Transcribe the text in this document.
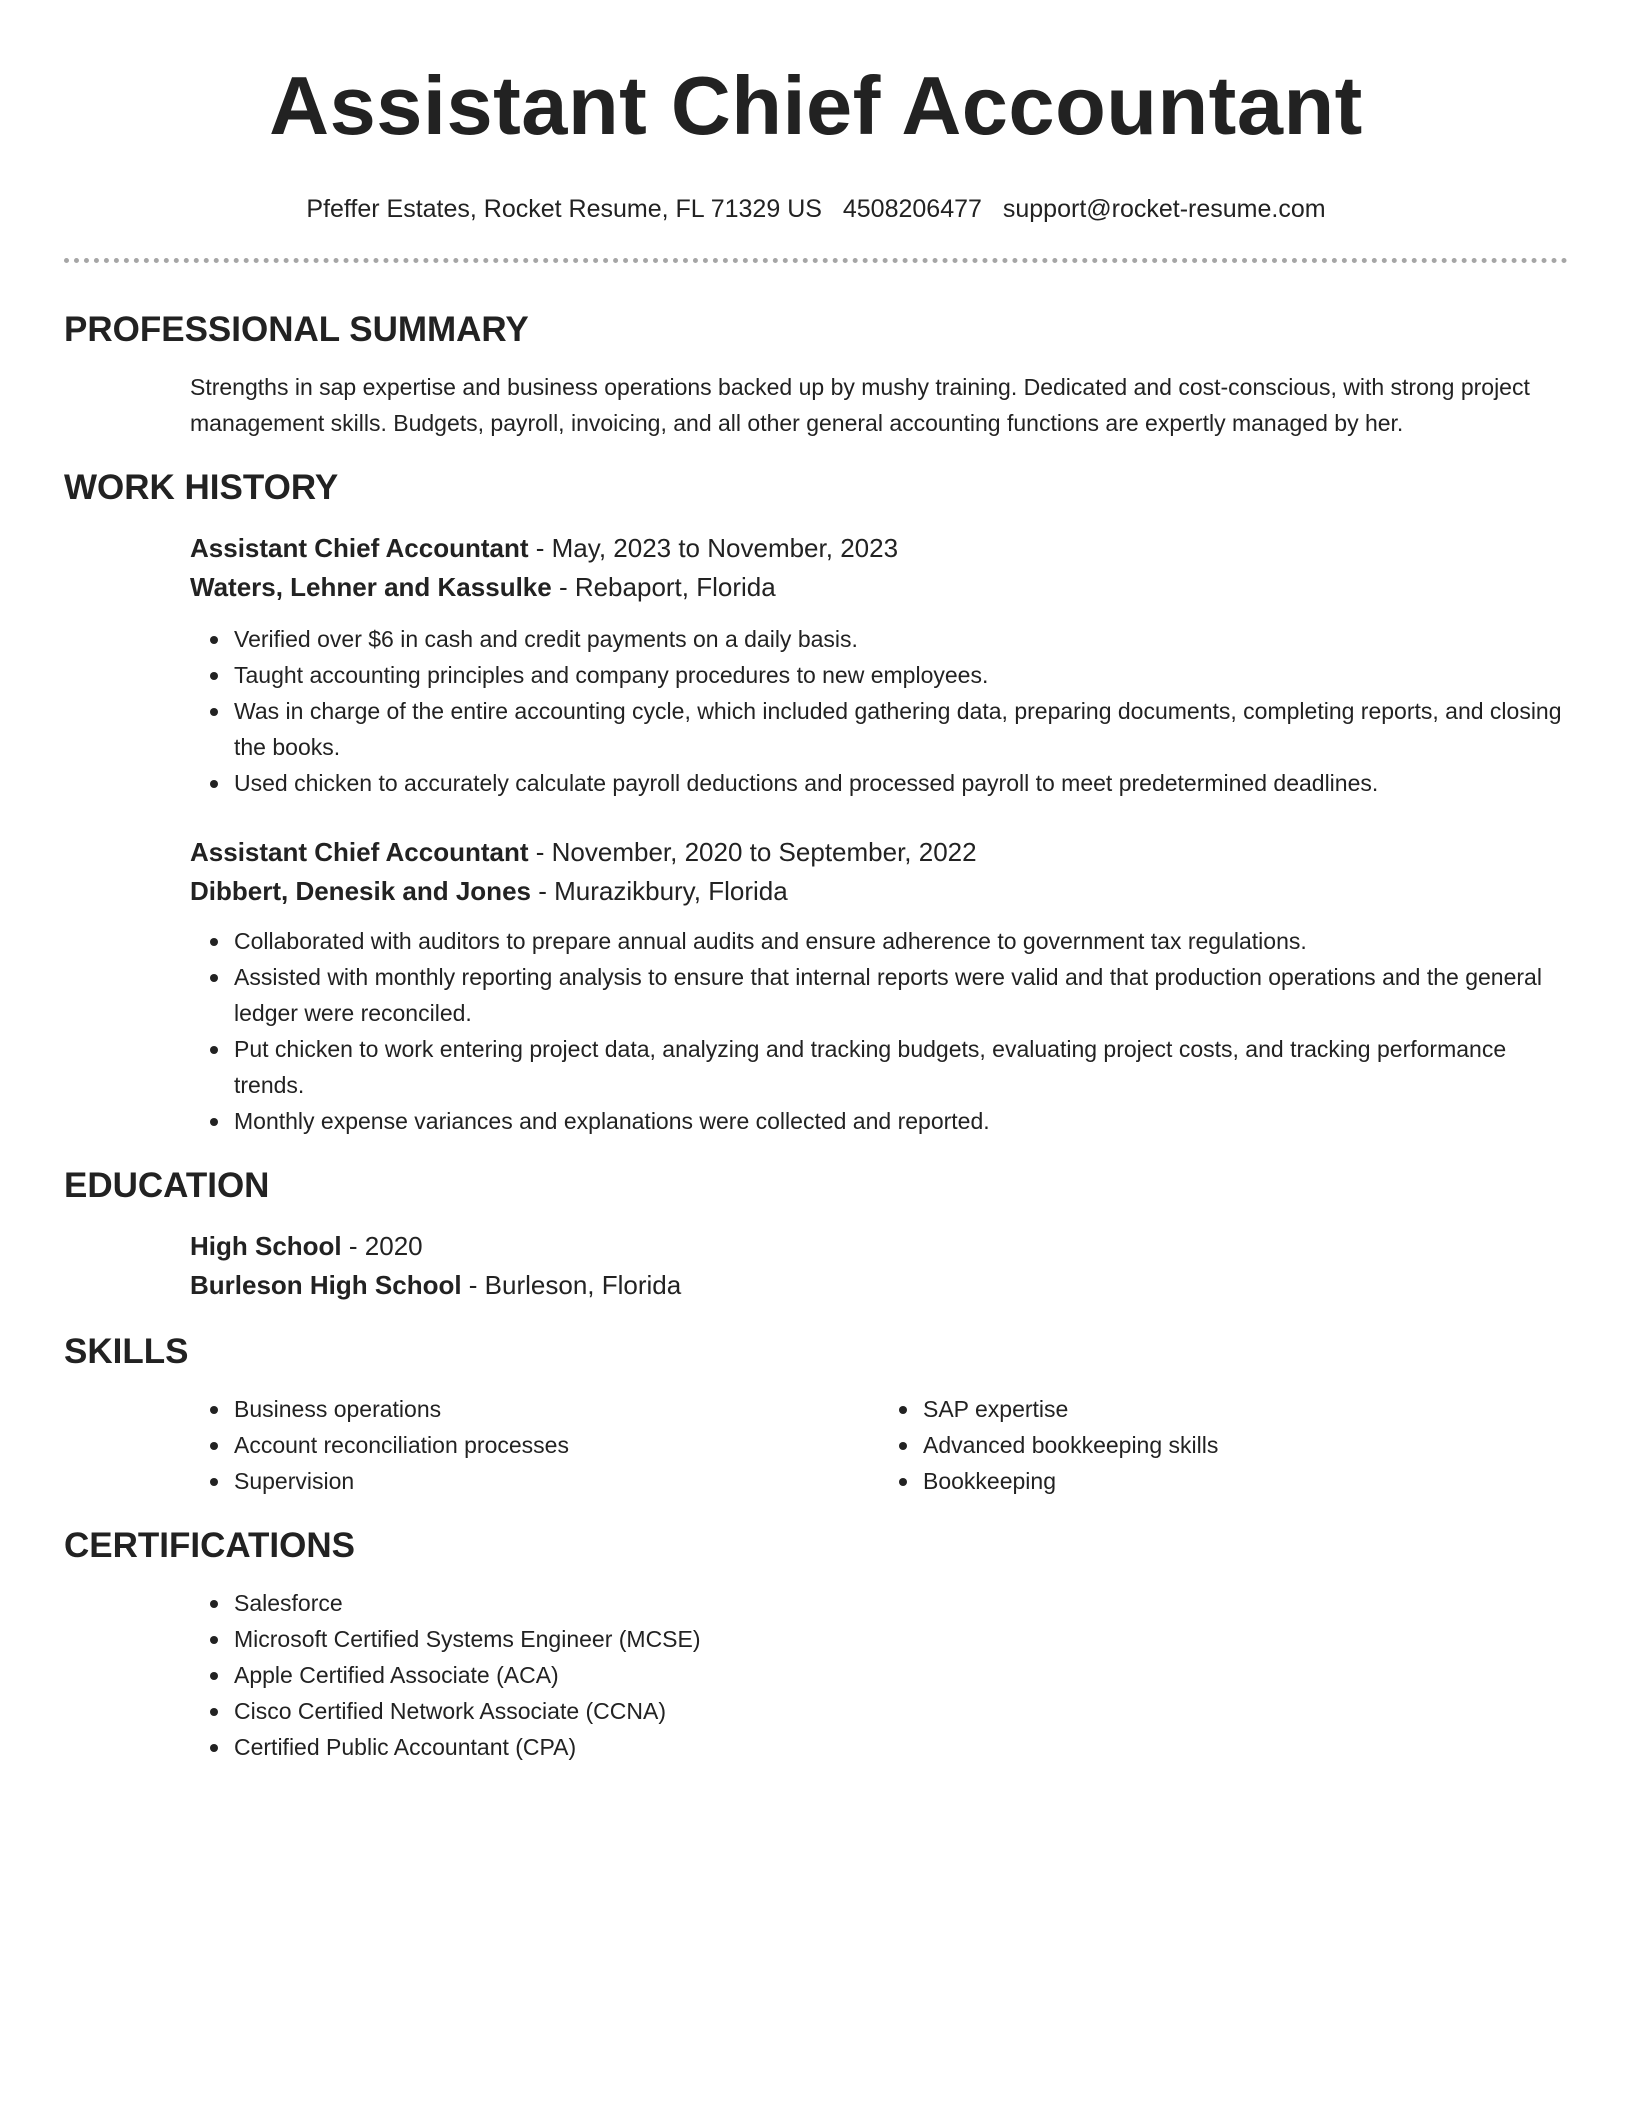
Assistant Chief Accountant
Pfeffer Estates, Rocket Resume, FL 71329 US 4508206477 support@rocket-resume.com
PROFESSIONAL SUMMARY

Strengths in sap expertise and business operations backed up by mushy training. Dedicated and cost-conscious, with strong project management skills. Budgets, payroll, invoicing, and all other general accounting functions are expertly managed by her.

WORK HISTORY

Assistant Chief Accountant - May, 2023 to November, 2023

Waters, Lehner and Kassulke - Rebaport, Florida

Verified over $6 in cash and credit payments on a daily basis.
Taught accounting principles and company procedures to new employees.
Was in charge of the entire accounting cycle, which included gathering data, preparing documents, completing reports, and closing the books.
Used chicken to accurately calculate payroll deductions and processed payroll to meet predetermined deadlines.

Assistant Chief Accountant - November, 2020 to September, 2022

Dibbert, Denesik and Jones - Murazikbury, Florida

Collaborated with auditors to prepare annual audits and ensure adherence to government tax regulations.
Assisted with monthly reporting analysis to ensure that internal reports were valid and that production operations and the general ledger were reconciled.
Put chicken to work entering project data, analyzing and tracking budgets, evaluating project costs, and tracking performance trends.
Monthly expense variances and explanations were collected and reported.
EDUCATION

High School - 2020

Burleson High School - Burleson, Florida

SKILLS
Business operations
Account reconciliation processes
Supervision
SAP expertise
Advanced bookkeeping skills
Bookkeeping
CERTIFICATIONS
Salesforce
Microsoft Certified Systems Engineer (MCSE)
Apple Certified Associate (ACA)
Cisco Certified Network Associate (CCNA)
Certified Public Accountant (CPA)
